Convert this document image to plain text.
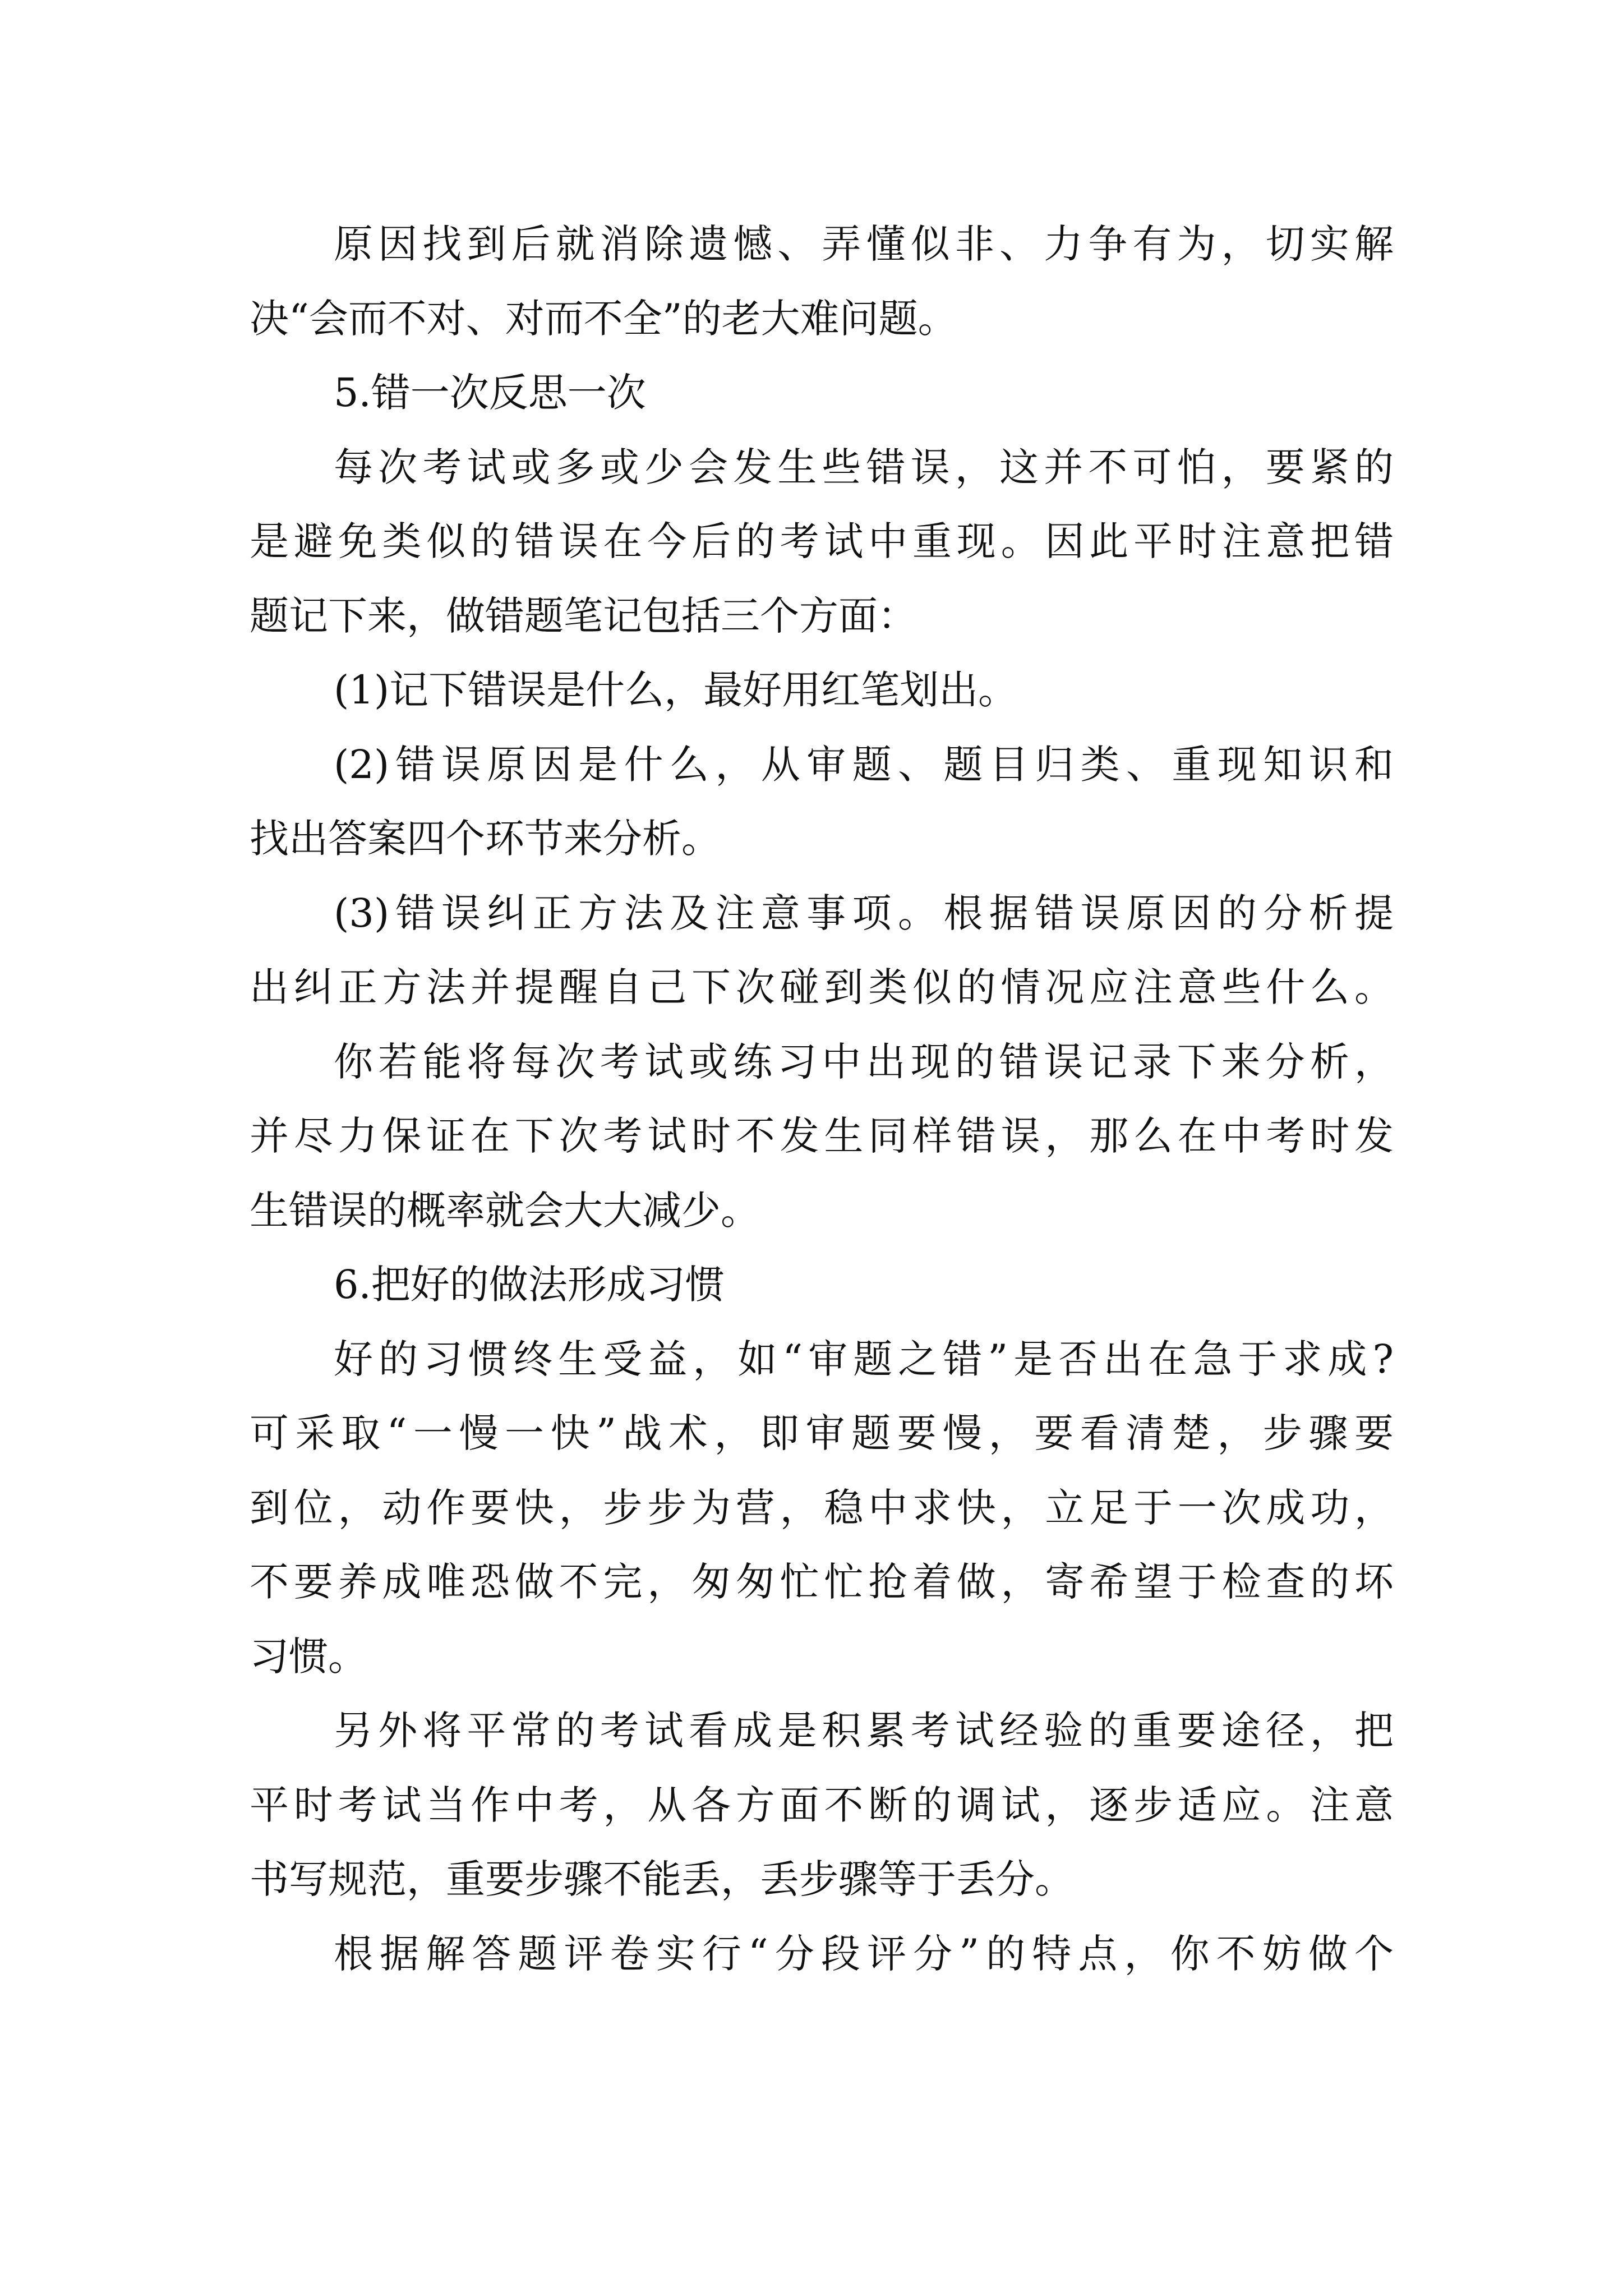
原因找到后就消除遗憾、弄懂似非、力争有为，切实解
决“会而不对、对而不全”的老大难问题。
5.错一次反思一次
每次考试或多或少会发生些错误，这并不可怕，要紧的
是避免类似的错误在今后的考试中重现。因此平时注意把错
题记下来，做错题笔记包括三个方面：
(1)记下错误是什么，最好用红笔划出。
(2)错误原因是什么，从审题、题目归类、重现知识和
找出答案四个环节来分析。
(3)错误纠正方法及注意事项。根据错误原因的分析提
出纠正方法并提醒自己下次碰到类似的情况应注意些什么。
你若能将每次考试或练习中出现的错误记录下来分析，
并尽力保证在下次考试时不发生同样错误，那么在中考时发
生错误的概率就会大大减少。
6.把好的做法形成习惯
好的习惯终生受益，如“审题之错”是否出在急于求成?
可采取“一慢一快”战术，即审题要慢，要看清楚，步骤要
到位，动作要快，步步为营，稳中求快，立足于一次成功，
不要养成唯恐做不完，匆匆忙忙抢着做，寄希望于检查的坏
习惯。
另外将平常的考试看成是积累考试经验的重要途径，把
平时考试当作中考，从各方面不断的调试，逐步适应。注意
书写规范，重要步骤不能丢，丢步骤等于丢分。
根据解答题评卷实行“分段评分”的特点，你不妨做个
